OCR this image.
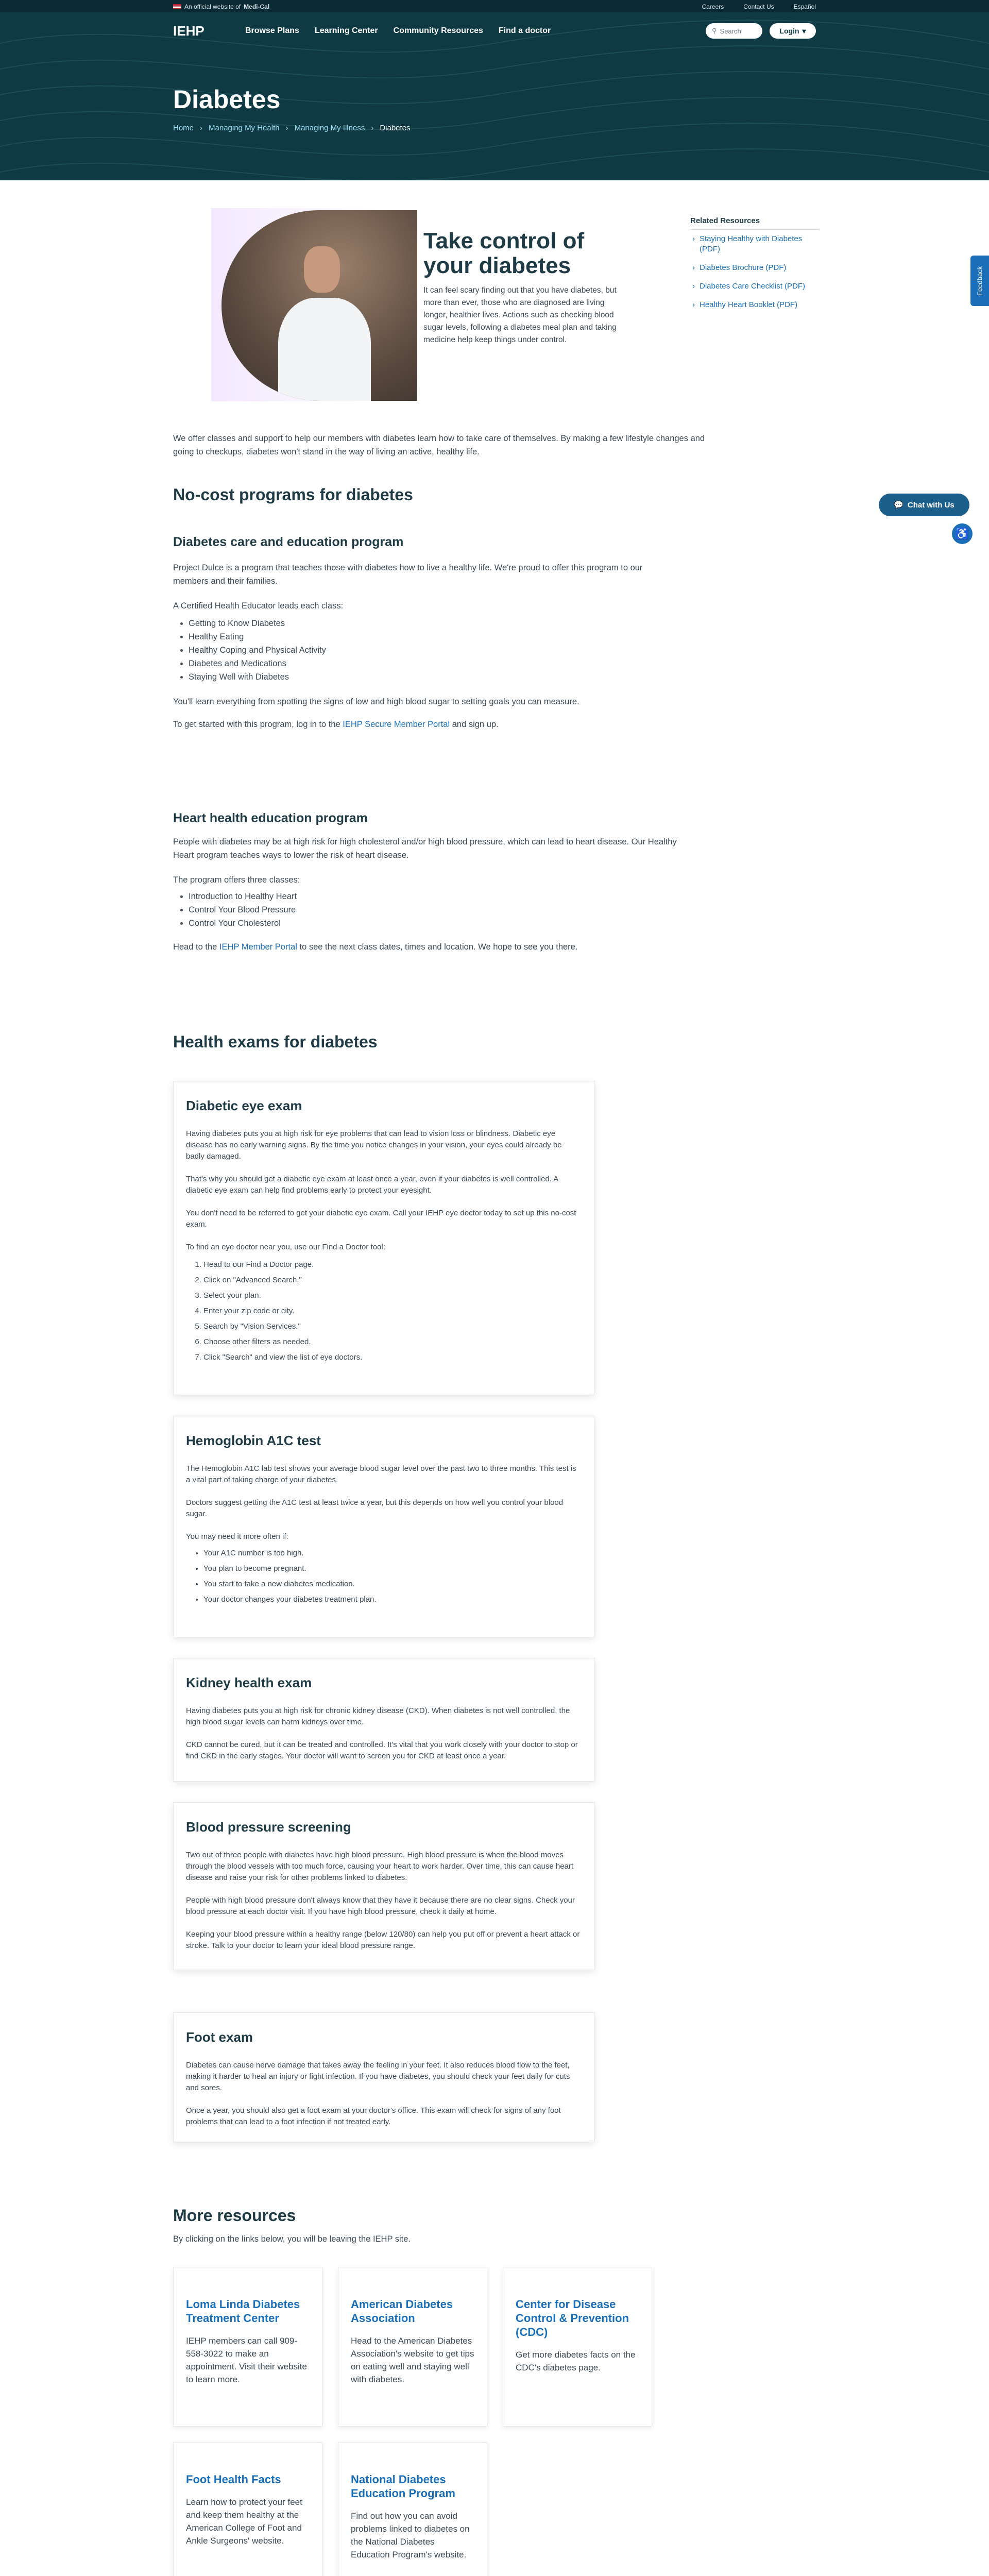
An official website of Medi-Cal	Careers	Contact Us	Español
IEHP	Browse Plans Learning Center Community Resources Find a doctor	⚲ Search	Login ▾
Diabetes
Home › Managing My Health › Managing My Illness › Diabetes
Take control of your diabetes

It can feel scary finding out that you have diabetes, but more than ever, those who are diagnosed are living longer, healthier lives. Actions such as checking blood sugar levels, following a diabetes meal plan and taking medicine help keep things under control.

Related Resources
› Staying Healthy with Diabetes (PDF)
› Diabetes Brochure (PDF)
› Diabetes Care Checklist (PDF)
› Healthy Heart Booklet (PDF)
Feedback
💬 Chat with Us
♿

We offer classes and support to help our members with diabetes learn how to take care of themselves. By making a few lifestyle changes and going to checkups, diabetes won't stand in the way of living an active, healthy life.

No-cost programs for diabetes
Diabetes care and education program

Project Dulce is a program that teaches those with diabetes how to live a healthy life. We're proud to offer this program to our members and their families.

A Certified Health Educator leads each class:

• Getting to Know Diabetes
• Healthy Eating
• Healthy Coping and Physical Activity
• Diabetes and Medications
• Staying Well with Diabetes

You'll learn everything from spotting the signs of low and high blood sugar to setting goals you can measure.

To get started with this program, log in to the IEHP Secure Member Portal and sign up.

Heart health education program

People with diabetes may be at high risk for high cholesterol and/or high blood pressure, which can lead to heart disease. Our Healthy Heart program teaches ways to lower the risk of heart disease.

The program offers three classes:

• Introduction to Healthy Heart
• Control Your Blood Pressure
• Control Your Cholesterol

Head to the IEHP Member Portal to see the next class dates, times and location. We hope to see you there.

Health exams for diabetes
Diabetic eye exam

Having diabetes puts you at high risk for eye problems that can lead to vision loss or blindness. Diabetic eye disease has no early warning signs. By the time you notice changes in your vision, your eyes could already be badly damaged.

That's why you should get a diabetic eye exam at least once a year, even if your diabetes is well controlled. A diabetic eye exam can help find problems early to protect your eyesight.

You don't need to be referred to get your diabetic eye exam. Call your IEHP eye doctor today to set up this no-cost exam.

To find an eye doctor near you, use our Find a Doctor tool:

1. Head to our Find a Doctor page.
2. Click on "Advanced Search."
3. Select your plan.
4. Enter your zip code or city.
5. Search by "Vision Services."
6. Choose other filters as needed.
7. Click "Search" and view the list of eye doctors.
Hemoglobin A1C test

The Hemoglobin A1C lab test shows your average blood sugar level over the past two to three months. This test is a vital part of taking charge of your diabetes.

Doctors suggest getting the A1C test at least twice a year, but this depends on how well you control your blood sugar.

You may need it more often if:

• Your A1C number is too high.
• You plan to become pregnant.
• You start to take a new diabetes medication.
• Your doctor changes your diabetes treatment plan.
Kidney health exam

Having diabetes puts you at high risk for chronic kidney disease (CKD). When diabetes is not well controlled, the high blood sugar levels can harm kidneys over time.

CKD cannot be cured, but it can be treated and controlled. It's vital that you work closely with your doctor to stop or find CKD in the early stages. Your doctor will want to screen you for CKD at least once a year.

Blood pressure screening

Two out of three people with diabetes have high blood pressure. High blood pressure is when the blood moves through the blood vessels with too much force, causing your heart to work harder. Over time, this can cause heart disease and raise your risk for other problems linked to diabetes.

People with high blood pressure don't always know that they have it because there are no clear signs. Check your blood pressure at each doctor visit. If you have high blood pressure, check it daily at home.

Keeping your blood pressure within a healthy range (below 120/80) can help you put off or prevent a heart attack or stroke. Talk to your doctor to learn your ideal blood pressure range.

Foot exam

Diabetes can cause nerve damage that takes away the feeling in your feet. It also reduces blood flow to the feet, making it harder to heal an injury or fight infection. If you have diabetes, you should check your feet daily for cuts and sores.

Once a year, you should also get a foot exam at your doctor's office. This exam will check for signs of any foot problems that can lead to a foot infection if not treated early.

More resources

By clicking on the links below, you will be leaving the IEHP site.

Loma Linda Diabetes Treatment Center

IEHP members can call 909-558-3022 to make an appointment. Visit their website to learn more.

American Diabetes Association

Head to the American Diabetes Association's website to get tips on eating well and staying well with diabetes.

Center for Disease Control & Prevention (CDC)

Get more diabetes facts on the CDC's diabetes page.

Foot Health Facts

Learn how to protect your feet and keep them healthy at the American College of Foot and Ankle Surgeons' website.

National Diabetes Education Program

Find out how you can avoid problems linked to diabetes on the National Diabetes Education Program's website.
